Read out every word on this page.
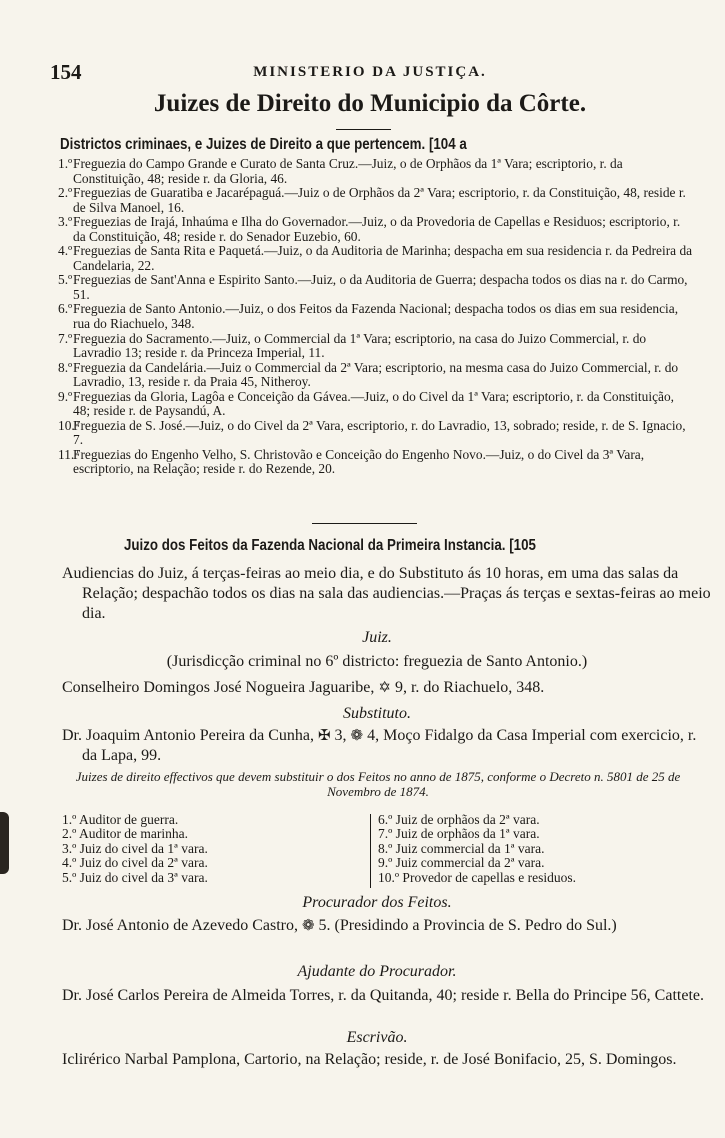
154	MINISTERIO DA JUSTIÇA.
Juizes de Direito do Municipio da Côrte.
Districtos criminaes, e Juizes de Direito a que pertencem. [104 a
1.º Freguezia do Campo Grande e Curato de Santa Cruz.—Juiz, o de Orphãos da 1ª Vara; escriptorio, r. da Constituição, 48; reside r. da Gloria, 46.
2.º Freguezias de Guaratiba e Jacarépaguá.—Juiz o de Orphãos da 2ª Vara; escriptorio, r. da Constituição, 48, reside r. de Silva Manoel, 16.
3.º Freguezias de Irajá, Inhaúma e Ilha do Governador.—Juiz, o da Provedoria de Capellas e Residuos; escriptorio, r. da Constituição, 48; reside r. do Senador Euzebio, 60.
4.º Freguezias de Santa Rita e Paquetá.—Juiz, o da Auditoria de Marinha; despacha em sua residencia r. da Pedreira da Candelaria, 22.
5.º Freguezias de Sant'Anna e Espirito Santo.—Juiz, o da Auditoria de Guerra; despacha todos os dias na r. do Carmo, 51.
6.º Freguezia de Santo Antonio.—Juiz, o dos Feitos da Fazenda Nacional; despacha todos os dias em sua residencia, rua do Riachuelo, 348.
7.º Freguezia do Sacramento.—Juiz, o Commercial da 1ª Vara; escriptorio, na casa do Juizo Commercial, r. do Lavradio 13; reside r. da Princeza Imperial, 11.
8.º Freguezia da Candelária.—Juiz o Commercial da 2ª Vara; escriptorio, na mesma casa do Juizo Commercial, r. do Lavradio, 13, reside r. da Praia 45, Nitheroy.
9.º Freguezias da Gloria, Lagôa e Conceição da Gávea.—Juiz, o do Civel da 1ª Vara; escriptorio, r. da Constituição, 48; reside r. de Paysandú, A.
10.º
Freguezia de S. José.—Juiz, o do Civel da 2ª Vara, escriptorio, r. do Lavradio, 13, sobrado; reside, r. de S. Ignacio, 7.
11.º
Freguezias do Engenho Velho, S. Christovão e Conceição do Engenho Novo.—Juiz, o do Civel da 3ª Vara, escriptorio, na Relação; reside r. do Rezende, 20.
Juizo dos Feitos da Fazenda Nacional da Primeira Instancia. [105
Audiencias do Juiz, á terças-feiras ao meio dia, e do Substituto ás 10 horas, em uma das salas da Relação; despachão todos os dias na sala das audiencias.—Praças ás terças e sextas-feiras ao meio dia.
Juiz.
(Jurisdicção criminal no 6º districto: freguezia de Santo Antonio.)
Conselheiro Domingos José Nogueira Jaguaribe, ✡ 9, r. do Riachuelo, 348.
Substituto.
Dr. Joaquim Antonio Pereira da Cunha, ✠ 3, ❁ 4, Moço Fidalgo da Casa Imperial com exercicio, r. da Lapa, 99.
Juizes de direito effectivos que devem substituir o dos Feitos no anno de 1875, conforme o Decreto n. 5801 de 25 de Novembro de 1874.
1.º Auditor de guerra.
2.º Auditor de marinha.
3.º Juiz do civel da 1ª vara.
4.º Juiz do civel da 2ª vara.
5.º Juiz do civel da 3ª vara.
6.º Juiz de orphãos da 2ª vara.
7.º Juiz de orphãos da 1ª vara.
8.º Juiz commercial da 1ª vara.
9.º Juiz commercial da 2ª vara.
10.º Provedor de capellas e residuos.
Procurador dos Feitos.
Dr. José Antonio de Azevedo Castro, ❁ 5. (Presidindo a Provincia de S. Pedro do Sul.)
Ajudante do Procurador.
Dr. José Carlos Pereira de Almeida Torres, r. da Quitanda, 40; reside r. Bella do Principe 56, Cattete.
Escrivão.
Iclirérico Narbal Pamplona, Cartorio, na Relação; reside, r. de José Bonifacio, 25, S. Domingos.
